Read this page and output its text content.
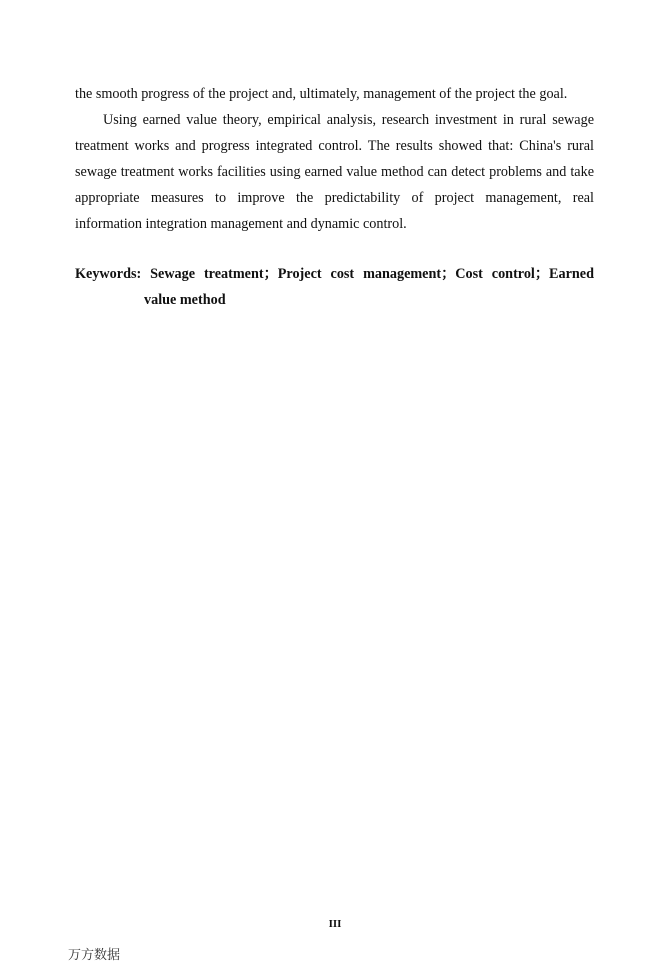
the smooth progress of the project and, ultimately, management of the project the goal.

Using earned value theory, empirical analysis, research investment in rural sewage treatment works and progress integrated control. The results showed that: China's rural sewage treatment works facilities using earned value method can detect problems and take appropriate measures to improve the predictability of project management, real information integration management and dynamic control.

Keywords: Sewage treatment；Project cost management；Cost control；Earned value method

III

万方数据
